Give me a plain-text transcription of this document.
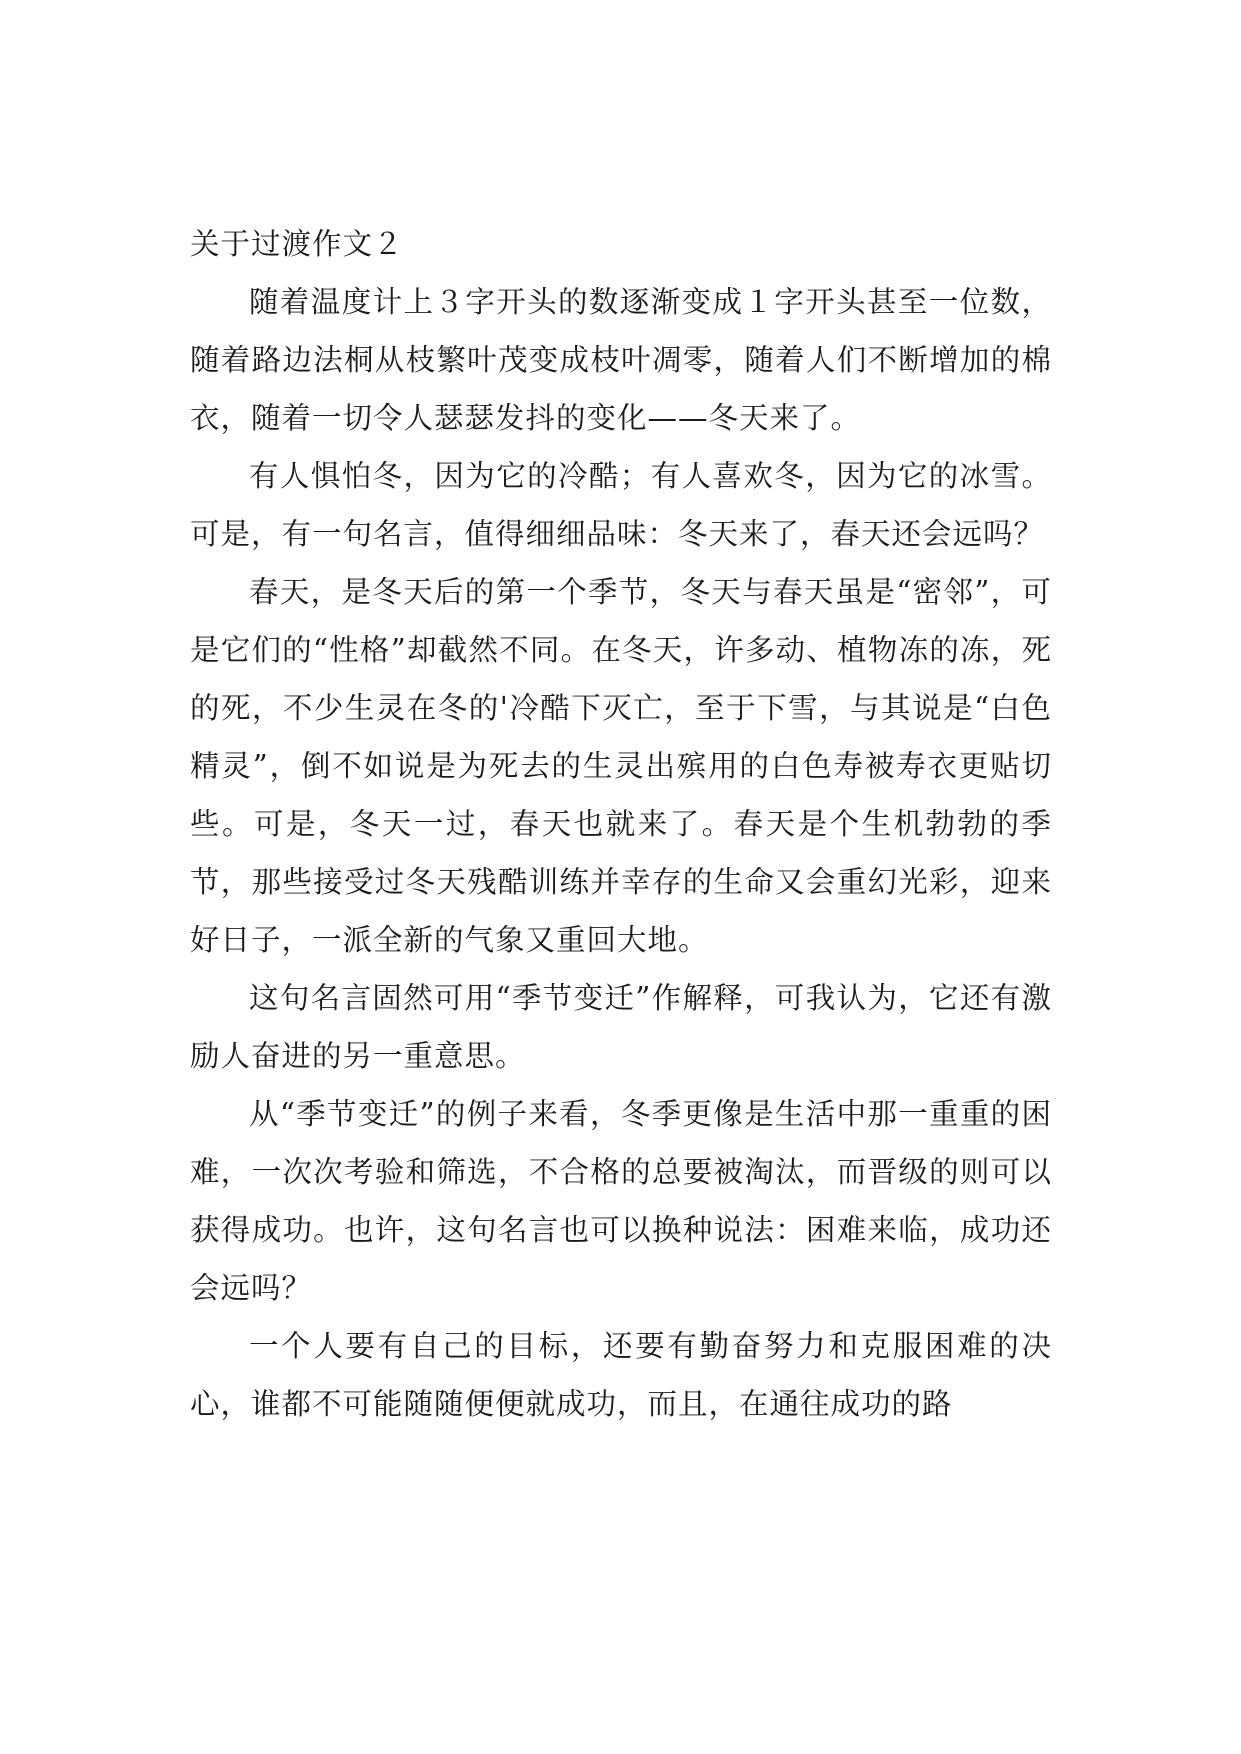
关于过渡作文２

随着温度计上３字开头的数逐渐变成１字开头甚至一位数，随着路边法桐从枝繁叶茂变成枝叶凋零，随着人们不断增加的棉衣，随着一切令人瑟瑟发抖的变化——冬天来了。

有人惧怕冬，因为它的冷酷；有人喜欢冬，因为它的冰雪。可是，有一句名言，值得细细品味：冬天来了，春天还会远吗？

春天，是冬天后的第一个季节，冬天与春天虽是“密邻”，可是它们的“性格”却截然不同。在冬天，许多动、植物冻的冻，死的死，不少生灵在冬的'冷酷下灭亡，至于下雪，与其说是“白色精灵”，倒不如说是为死去的生灵出殡用的白色寿被寿衣更贴切些。可是，冬天一过，春天也就来了。春天是个生机勃勃的季节，那些接受过冬天残酷训练并幸存的生命又会重幻光彩，迎来好日子，一派全新的气象又重回大地。

这句名言固然可用“季节变迁”作解释，可我认为，它还有激励人奋进的另一重意思。

从“季节变迁”的例子来看，冬季更像是生活中那一重重的困难，一次次考验和筛选，不合格的总要被淘汰，而晋级的则可以获得成功。也许，这句名言也可以换种说法：困难来临，成功还会远吗？

一个人要有自己的目标，还要有勤奋努力和克服困难的决心，谁都不可能随随便便就成功，而且，在通往成功的路
